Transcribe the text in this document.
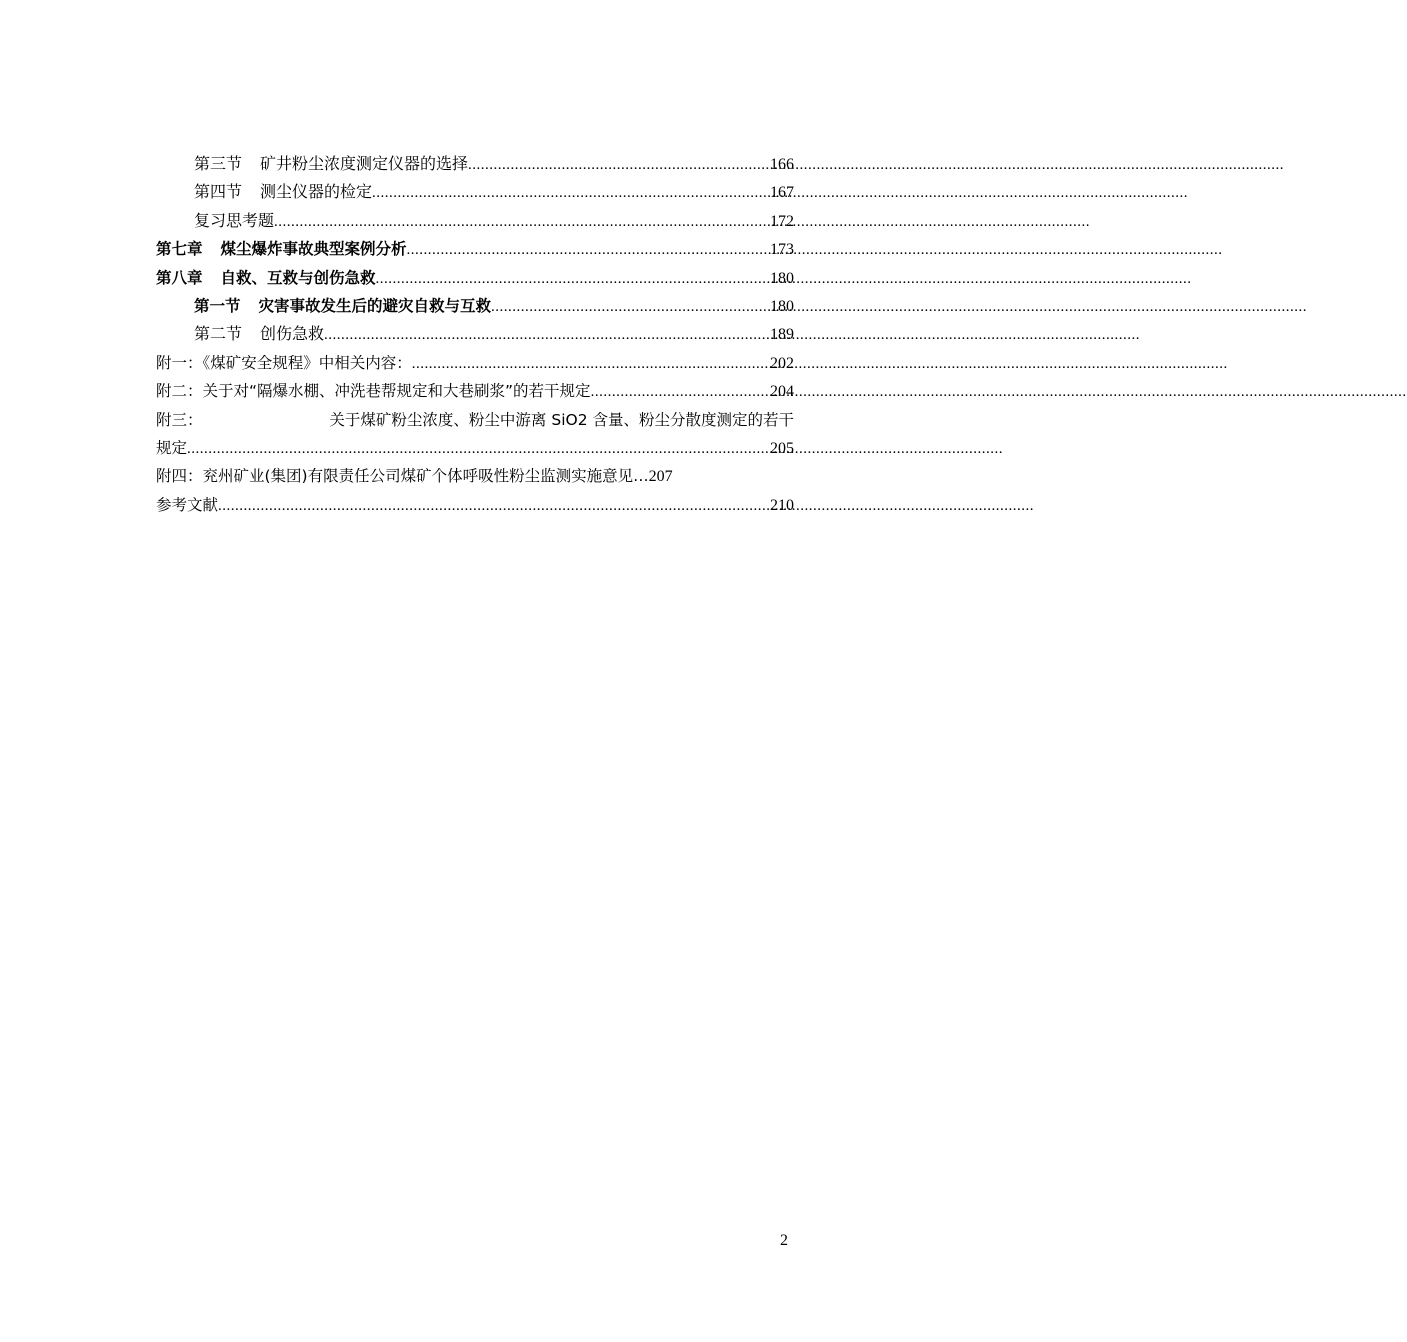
第三节 矿井粉尘浓度测定仪器的选择 .....	166
第四节 测尘仪器的检定 .....	167
复习思考题 .....	172
第七章 煤尘爆炸事故典型案例分析 .....	173
第八章 自救、互救与创伤急救 .....	180
第一节 灾害事故发生后的避灾自救与互救 .....	180
第二节 创伤急救 .....	189
附一：《煤矿安全规程》中相关内容： .....	202
附二：关于对“隔爆水棚、冲洗巷帮规定和大巷刷浆”的若干规定 .....	204
附三：	关于煤矿粉尘浓度、粉尘中游离 SiO2 含量、粉尘分散度测定的若干
规定 .....	205
附四：兖州矿业(集团)有限责任公司煤矿个体呼吸性粉尘监测实施意见… 207
参考文献 .....	210
2
